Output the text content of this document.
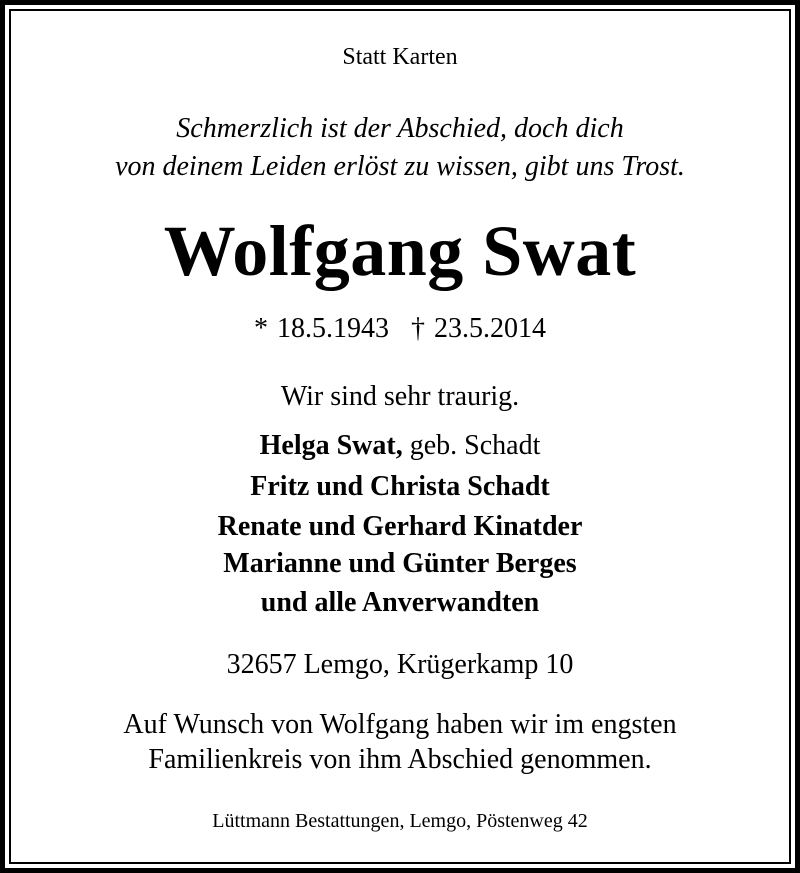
Statt Karten
Schmerzlich ist der Abschied, doch dich
von deinem Leiden erlöst zu wissen, gibt uns Trost.
Wolfgang Swat
* 18.5.1943 † 23.5.2014
Wir sind sehr traurig.
Helga Swat, geb. Schadt
Fritz und Christa Schadt
Renate und Gerhard Kinatder
Marianne und Günter Berges
und alle Anverwandten
32657 Lemgo, Krügerkamp 10
Auf Wunsch von Wolfgang haben wir im engsten
Familienkreis von ihm Abschied genommen.
Lüttmann Bestattungen, Lemgo, Pöstenweg 42
